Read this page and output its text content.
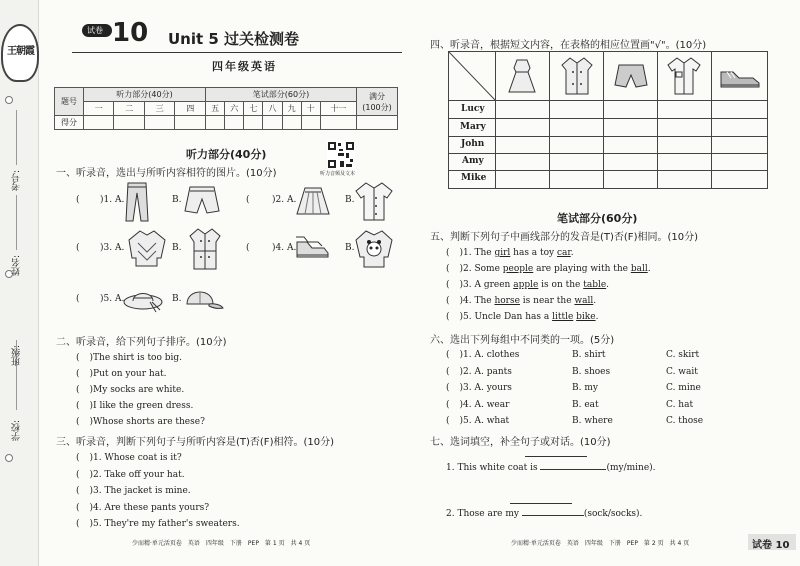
王朝霞
学校:
班级:
姓名:
考号:
试卷 10 Unit 5 过关检测卷
四年级英语
题号	听力部分(40分)				笔试部分(60分)							满分
(100分)

	一	二	三	四	五	六	七	八	九	十	十一	
得分												
听力部分(40分)
听力音频及文本
一、听录音，选出与所听内容相符的图片。(10分)
( )1. A.	B.	( )2. A.	B.
( )3. A.	B.	( )4. A.	B.
( )5. A.	B.
二、听录音，给下列句子排序。(10分)
()The shirt is too big.
()Put on your hat.
()My socks are white.
()I like the green dress.
()Whose shorts are these?
三、听录音，判断下列句子与所听内容是(T)否(F)相符。(10分)
()1. Whose coat is it?
()2. Take off your hat.
()3. The jacket is mine.
()4. Are these pants yours?
()5. They're my father's sweaters.
少而精·单元活页卷　英语　四年级　下册　PEP　第 1 页　共 4 页
四、听录音，根据短文内容，在表格的相应位置画"√"。(10分)
Lucy
Mary
John
Amy
Mike
笔试部分(60分)
五、判断下列句子中画线部分的发音是(T)否(F)相同。(10分)
()1. The girl has a toy car.
()2. Some people are playing with the ball.
()3. A green apple is on the table.
()4. The horse is near the wall.
()5. Uncle Dan has a little bike.
六、选出下列每组中不同类的一项。(5分)
()1. A. clothes	B. shirt	C. skirt
()2. A. pants	B. shoes	C. wait
()3. A. yours	B. my	C. mine
()4. A. wear	B. eat	C. hat
()5. A. what	B. where	C. those
七、选词填空，补全句子或对话。(10分)
1. This white coat is	(my/mine).
2. Those are my	(sock/socks).
少而精·单元活页卷　英语　四年级　下册　PEP　第 2 页　共 4 页	试卷 10
